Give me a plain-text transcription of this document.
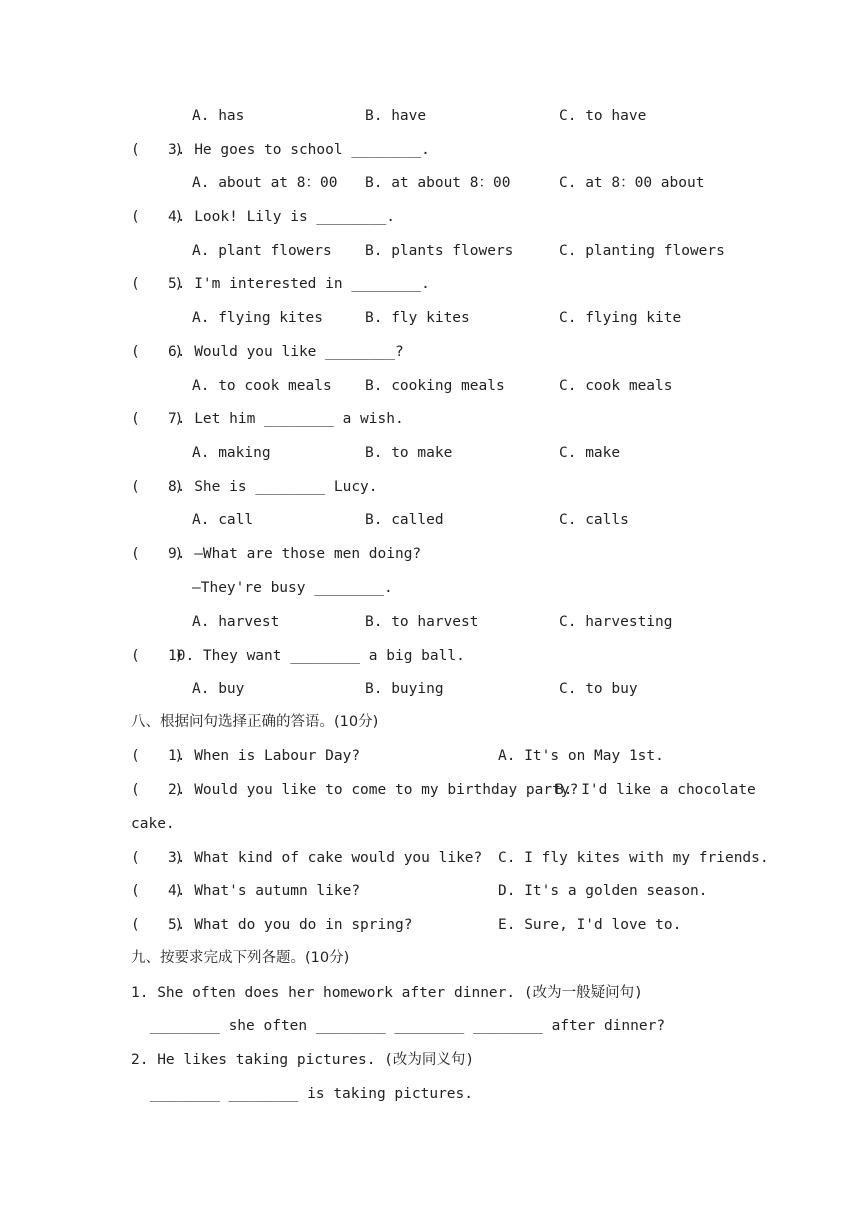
A. has	B. have	C. to have
(    )
3. He goes to school ________.
A. about at 8：00 B. at about 8：00	C. at 8：00 about
(    )
4. Look! Lily is ________.
A. plant flowers B. plants flowers	C. planting flowers
(    )
5. I'm interested in ________.
A. flying kites	B. fly kites	C. flying kite
(    )
6. Would you like ________?
A. to cook meals B. cooking meals	C. cook meals
(    )
7. Let him ________ a wish.
A. making	B. to make	C. make
(    )
8. She is ________ Lucy.
A. call	B. called	C. calls
(    )
9. —What are those men doing?
—They're busy ________.
A. harvest	B. to harvest	C. harvesting
(    )
10. They want ________ a big ball.
A. buy	B. buying	C. to buy
八、根据问句选择正确的答语。(10分)
(    )
1. When is Labour Day?	A. It's on May 1st.
(    )
2. Would you like to come to my birthday party?
B. I'd like a chocolate
cake.
(    )
3. What kind of cake would you like? C. I fly kites with my friends.
(    )
4. What's autumn like?	D. It's a golden season.
(    )
5. What do you do in spring?	E. Sure, I'd love to.
九、按要求完成下列各题。(10分)
1. She often does her homework after dinner. (改为一般疑问句)
________ she often ________ ________ ________ after dinner?
2. He likes taking pictures. (改为同义句)
________ ________ is taking pictures.
